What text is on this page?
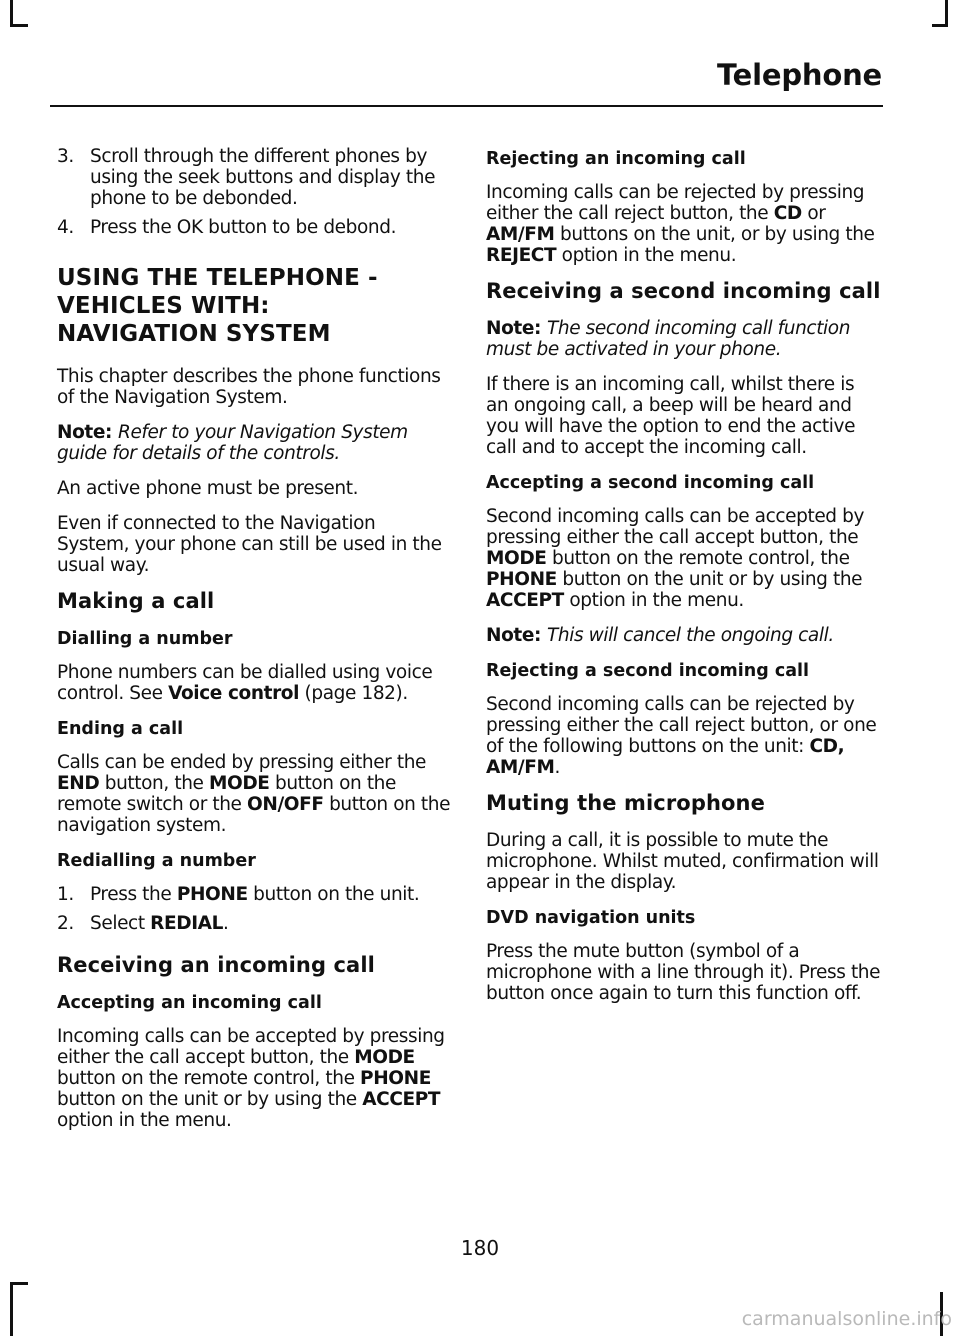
Telephone

3. Scroll through the different phones by using the seek buttons and display the phone to be debonded.

4. Press the OK button to be debond.

USING THE TELEPHONE -
VEHICLES WITH:
NAVIGATION SYSTEM

This chapter describes the phone functions of the Navigation System.

Note: Refer to your Navigation System guide for details of the controls.

An active phone must be present.

Even if connected to the Navigation System, your phone can still be used in the usual way.

Making a call

Dialling a number

Phone numbers can be dialled using voice control. See Voice control (page 182).

Ending a call

Calls can be ended by pressing either the END button, the MODE button on the remote switch or the ON/OFF button on the navigation system.

Redialling a number

1. Press the PHONE button on the unit.

2. Select REDIAL.

Receiving an incoming call

Accepting an incoming call

Incoming calls can be accepted by pressing either the call accept button, the MODE button on the remote control, the PHONE button on the unit or by using the ACCEPT option in the menu.

Rejecting an incoming call

Incoming calls can be rejected by pressing either the call reject button, the CD or AM/FM buttons on the unit, or by using the REJECT option in the menu.

Receiving a second incoming call

Note: The second incoming call function must be activated in your phone.

If there is an incoming call, whilst there is an ongoing call, a beep will be heard and you will have the option to end the active call and to accept the incoming call.

Accepting a second incoming call

Second incoming calls can be accepted by pressing either the call accept button, the MODE button on the remote control, the PHONE button on the unit or by using the ACCEPT option in the menu.

Note: This will cancel the ongoing call.

Rejecting a second incoming call

Second incoming calls can be rejected by pressing either the call reject button, or one of the following buttons on the unit: CD, AM/FM.

Muting the microphone

During a call, it is possible to mute the microphone. Whilst muted, confirmation will appear in the display.

DVD navigation units

Press the mute button (symbol of a microphone with a line through it). Press the button once again to turn this function off.

180
carmanualsonline.info
